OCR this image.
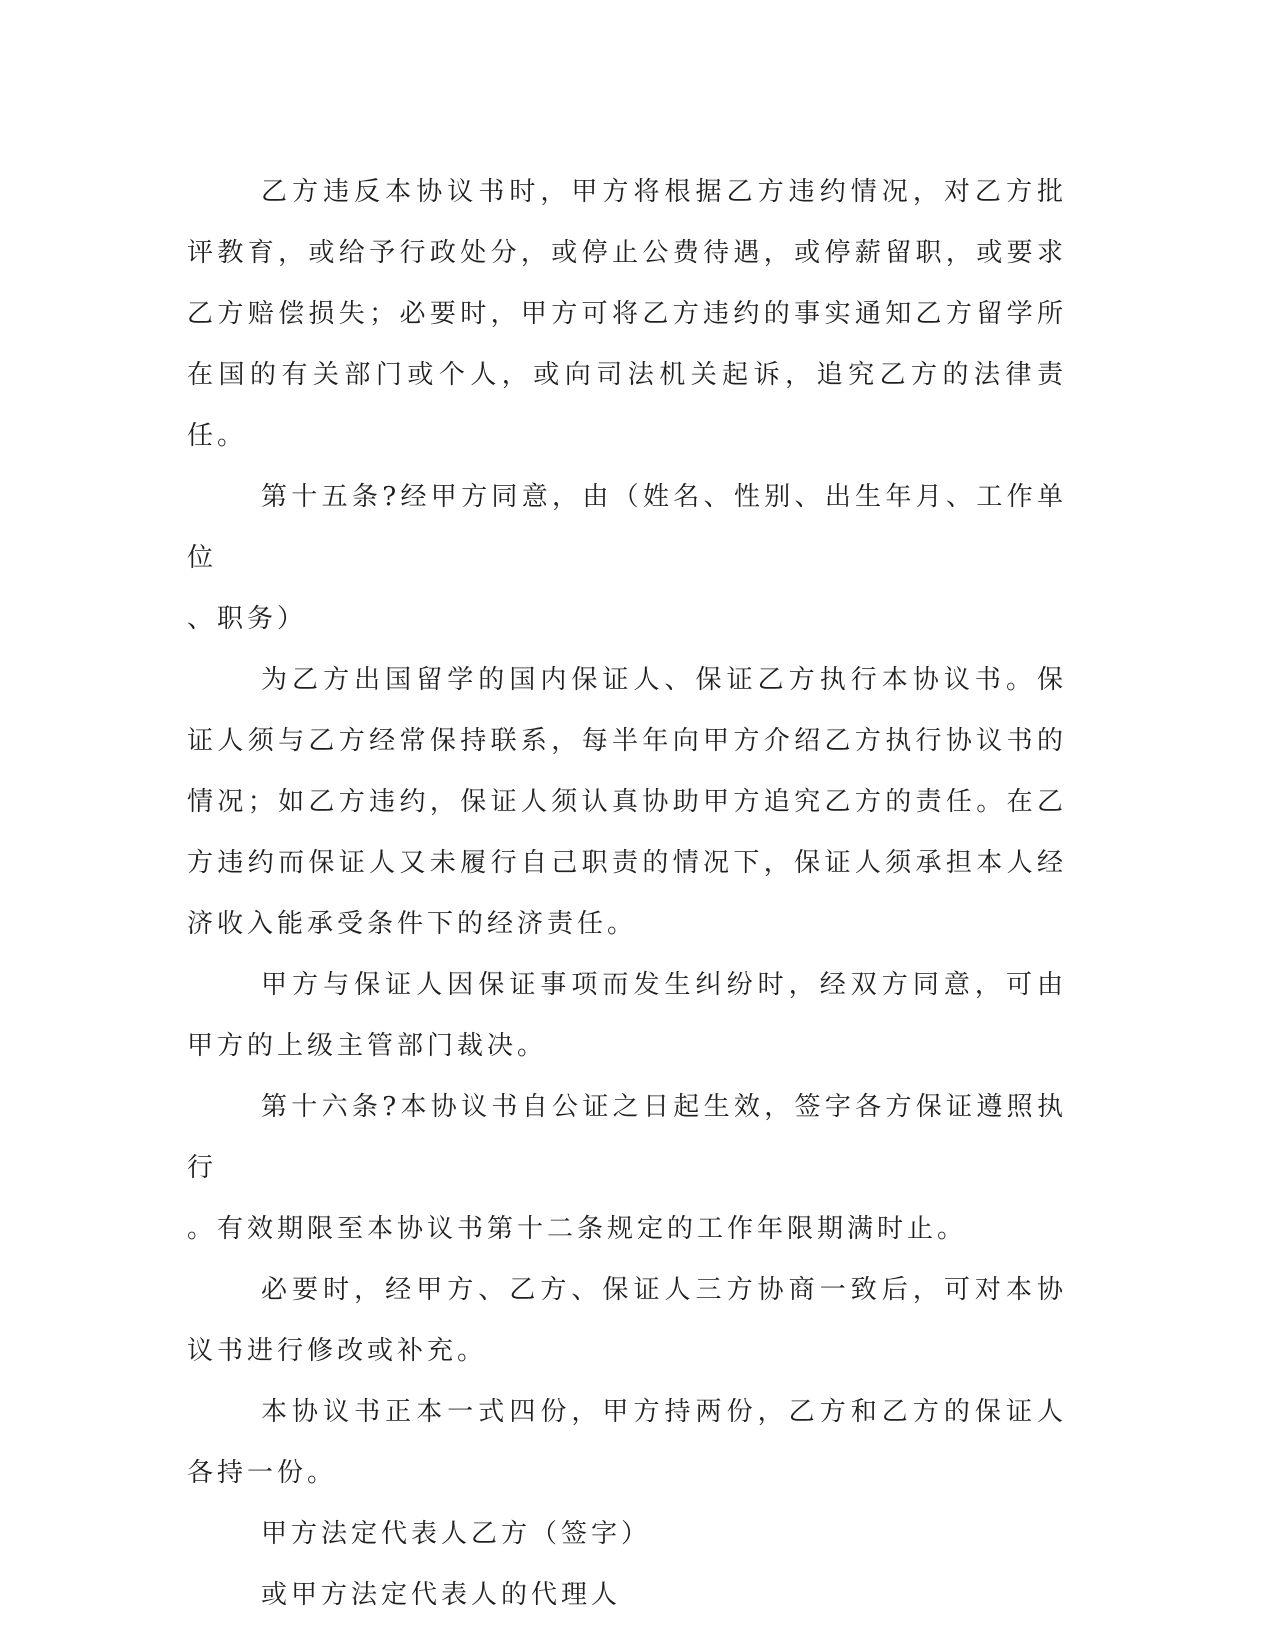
乙方违反本协议书时，甲方将根据乙方违约情况，对乙方批评教育，或给予行政处分，或停止公费待遇，或停薪留职，或要求乙方赔偿损失；必要时，甲方可将乙方违约的事实通知乙方留学所在国的有关部门或个人，或向司法机关起诉，追究乙方的法律责任。

第十五条?经甲方同意，由（姓名、性别、出生年月、工作单位

、职务）

为乙方出国留学的国内保证人、保证乙方执行本协议书。保证人须与乙方经常保持联系，每半年向甲方介绍乙方执行协议书的情况；如乙方违约，保证人须认真协助甲方追究乙方的责任。在乙方违约而保证人又未履行自己职责的情况下，保证人须承担本人经济收入能承受条件下的经济责任。

甲方与保证人因保证事项而发生纠纷时，经双方同意，可由甲方的上级主管部门裁决。

第十六条?本协议书自公证之日起生效，签字各方保证遵照执行

。有效期限至本协议书第十二条规定的工作年限期满时止。

必要时，经甲方、乙方、保证人三方协商一致后，可对本协议书进行修改或补充。

本协议书正本一式四份，甲方持两份，乙方和乙方的保证人各持一份。

甲方法定代表人乙方（签字）

或甲方法定代表人的代理人
